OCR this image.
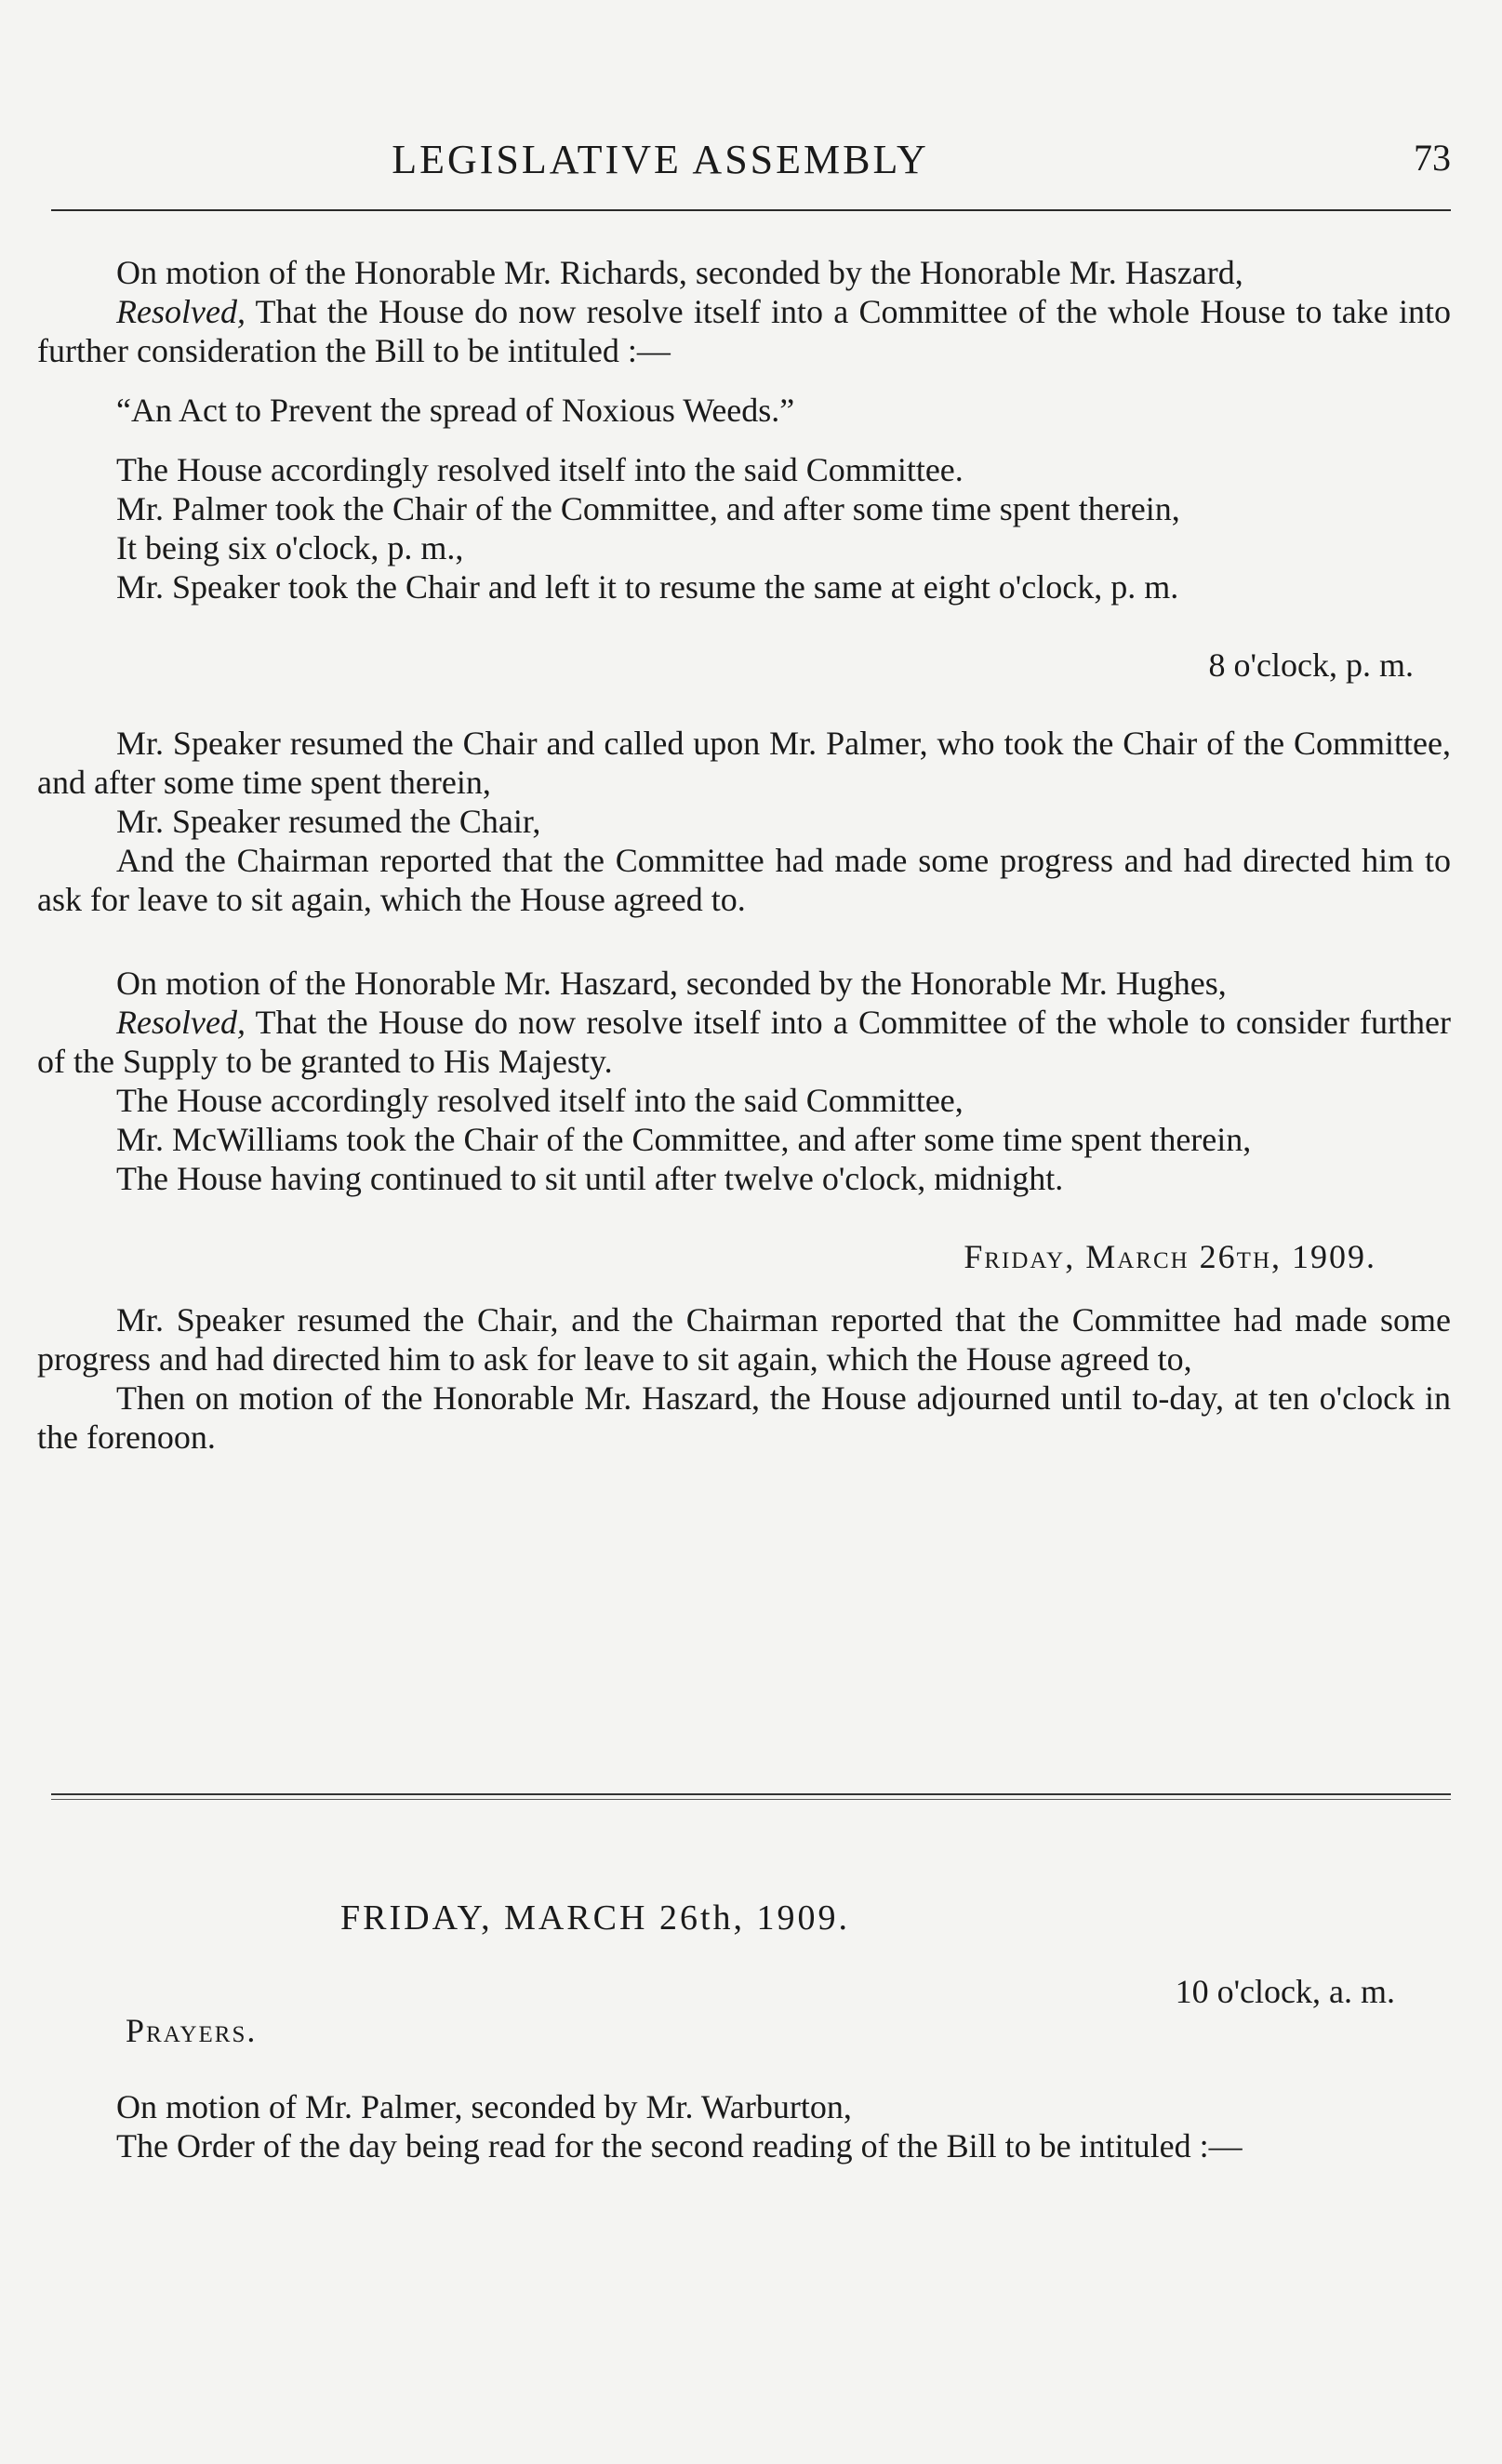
LEGISLATIVE ASSEMBLY	73

On motion of the Honorable Mr. Richards, seconded by the Honorable Mr. Haszard,

Resolved, That the House do now resolve itself into a Committee of the whole House to take into further consideration the Bill to be intituled :—

“An Act to Prevent the spread of Noxious Weeds.”

The House accordingly resolved itself into the said Committee.

Mr. Palmer took the Chair of the Committee, and after some time spent therein,

It being six o'clock, p. m.,

Mr. Speaker took the Chair and left it to resume the same at eight o'clock, p. m.

8 o'clock, p. m.

Mr. Speaker resumed the Chair and called upon Mr. Palmer, who took the Chair of the Committee, and after some time spent therein,

Mr. Speaker resumed the Chair,

And the Chairman reported that the Committee had made some progress and had directed him to ask for leave to sit again, which the House agreed to.

On motion of the Honorable Mr. Haszard, seconded by the Honorable Mr. Hughes,

Resolved, That the House do now resolve itself into a Committee of the whole to consider further of the Supply to be granted to His Majesty.

The House accordingly resolved itself into the said Committee,

Mr. McWilliams took the Chair of the Committee, and after some time spent therein,

The House having continued to sit until after twelve o'clock, midnight.

Friday, March 26th, 1909.

Mr. Speaker resumed the Chair, and the Chairman reported that the Committee had made some progress and had directed him to ask for leave to sit again, which the House agreed to,

Then on motion of the Honorable Mr. Haszard, the House adjourned until to-day, at ten o'clock in the forenoon.

FRIDAY, MARCH 26th, 1909.

10 o'clock, a. m.

Prayers.

On motion of Mr. Palmer, seconded by Mr. Warburton,

The Order of the day being read for the second reading of the Bill to be intituled :—
